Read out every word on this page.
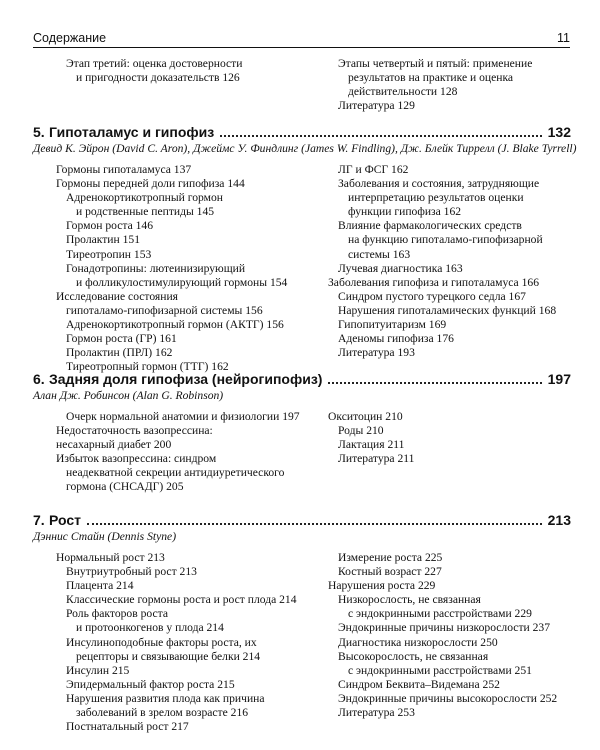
Содержание	11
Этап третий: оценка достоверности
и пригодности доказательств 126
Этапы четвертый и пятый: применение
результатов на практике и оценка
действительности 128
Литература 129
5. Гипоталамус и гипофиз	132
Девид К. Эйрон (David C. Aron), Джеймс У. Финдлинг (James W. Findling), Дж. Блейк Тиррелл (J. Blake Tyrrell)
Гормоны гипоталамуса 137
Гормоны передней доли гипофиза 144
Адренокортикотропный гормон
и родственные пептиды 145
Гормон роста 146
Пролактин 151
Тиреотропин 153
Гонадотропины: лютеинизирующий
и фолликулостимулирующий гормоны 154
Исследование состояния
гипоталамо-гипофизарной системы 156
Адренокортикотропный гормон (АКТГ) 156
Гормон роста (ГР) 161
Пролактин (ПРЛ) 162
Тиреотропный гормон (ТТГ) 162
ЛГ и ФСГ 162
Заболевания и состояния, затрудняющие
интерпретацию результатов оценки
функции гипофиза 162
Влияние фармакологических средств
на функцию гипоталамо-гипофизарной
системы 163
Лучевая диагностика 163
Заболевания гипофиза и гипоталамуса 166
Синдром пустого турецкого седла 167
Нарушения гипоталамических функций 168
Гипопитуитаризм 169
Аденомы гипофиза 176
Литература 193
6. Задняя доля гипофиза (нейрогипофиз)	197
Алан Дж. Робинсон (Alan G. Robinson)
Очерк нормальной анатомии и физиологии 197
Недостаточность вазопрессина:
несахарный диабет 200
Избыток вазопрессина: синдром
неадекватной секреции антидиуретического
гормона (СНСАДГ) 205
Окситоцин 210
Роды 210
Лактация 211
Литература 211
7. Рост	213
Дэннис Стайн (Dennis Styne)
Нормальный рост 213
Внутриутробный рост 213
Плацента 214
Классические гормоны роста и рост плода 214
Роль факторов роста
и протоонкогенов у плода 214
Инсулиноподобные факторы роста, их
рецепторы и связывающие белки 214
Инсулин 215
Эпидермальный фактор роста 215
Нарушения развития плода как причина
заболеваний в зрелом возрасте 216
Постнатальный рост 217
Измерение роста 225
Костный возраст 227
Нарушения роста 229
Низкорослость, не связанная
с эндокринными расстройствами 229
Эндокринные причины низкорослости 237
Диагностика низкорослости 250
Высокорослость, не связанная
с эндокринными расстройствами 251
Синдром Беквита–Видемана 252
Эндокринные причины высокорослости 252
Литература 253
